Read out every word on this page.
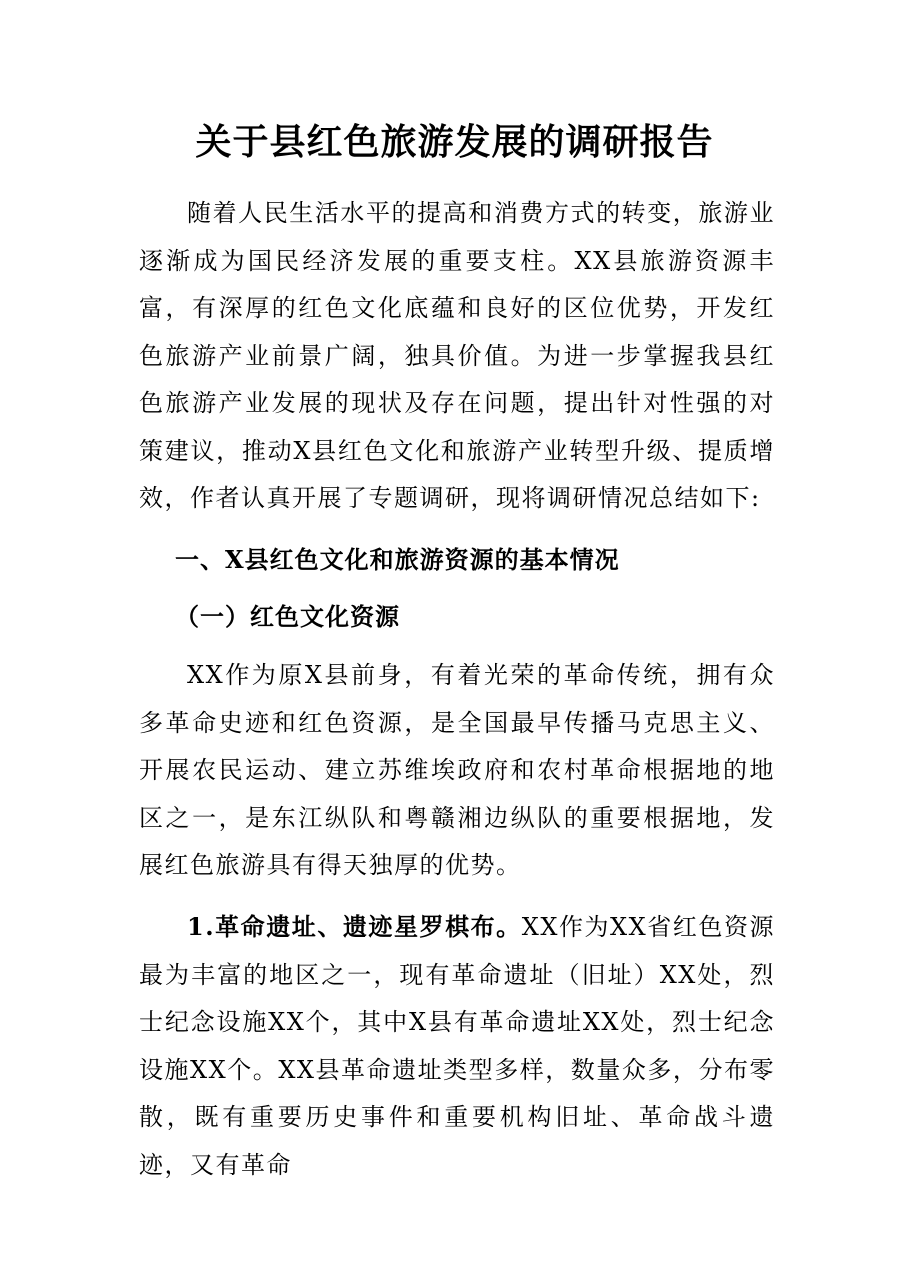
关于县红色旅游发展的调研报告
随着人民生活水平的提高和消费方式的转变，旅游业逐渐成为国民经济发展的重要支柱。XX县旅游资源丰富，有深厚的红色文化底蕴和良好的区位优势，开发红色旅游产业前景广阔，独具价值。为进一步掌握我县红色旅游产业发展的现状及存在问题，提出针对性强的对策建议，推动X县红色文化和旅游产业转型升级、提质增效，作者认真开展了专题调研，现将调研情况总结如下:
一、X县红色文化和旅游资源的基本情况
（一）红色文化资源
XX作为原X县前身，有着光荣的革命传统，拥有众多革命史迹和红色资源，是全国最早传播马克思主义、开展农民运动、建立苏维埃政府和农村革命根据地的地区之一，是东江纵队和粤赣湘边纵队的重要根据地，发展红色旅游具有得天独厚的优势。
1.革命遗址、遗迹星罗棋布。XX作为XX省红色资源最为丰富的地区之一，现有革命遗址（旧址）XX处，烈士纪念设施XX个，其中X县有革命遗址XX处，烈士纪念设施XX个。XX县革命遗址类型多样，数量众多，分布零散，既有重要历史事件和重要机构旧址、革命战斗遗迹，又有革命
